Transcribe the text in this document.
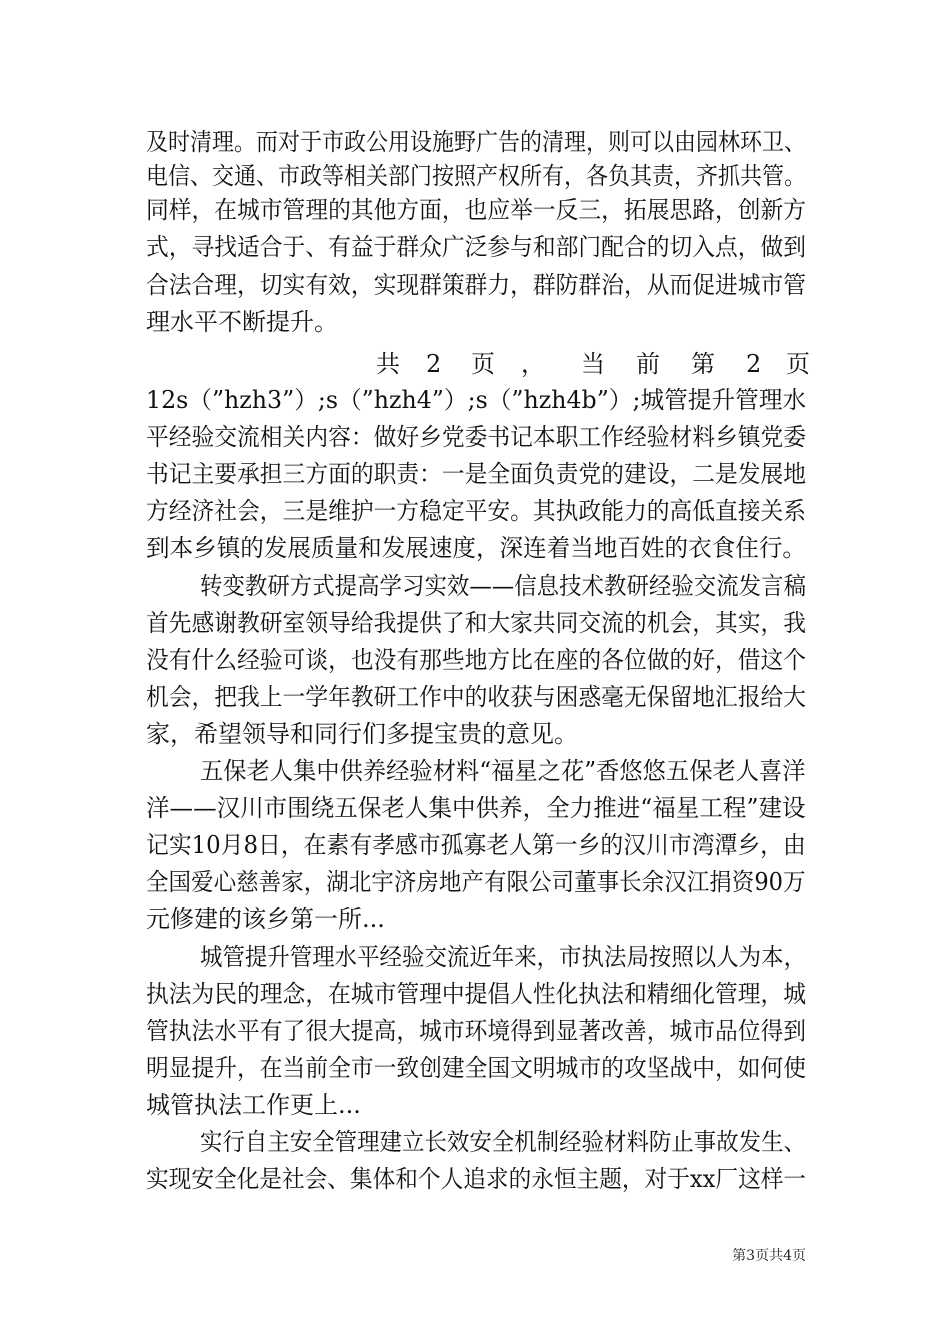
及时清理。而对于市政公用设施野广告的清理，则可以由园林环卫、
电信、交通、市政等相关部门按照产权所有，各负其责，齐抓共管。
同样，在城市管理的其他方面，也应举一反三，拓展思路，创新方
式，寻找适合于、有益于群众广泛参与和部门配合的切入点，做到
合法合理，切实有效，实现群策群力，群防群治，从而促进城市管
理水平不断提升。
共 2 页 ， 当 前 第 2 页
12s（”hzh3”）;s（”hzh4”）;s（”hzh4b”）;城管提升管理水
平经验交流相关内容：做好乡党委书记本职工作经验材料乡镇党委
书记主要承担三方面的职责：一是全面负责党的建设，二是发展地
方经济社会，三是维护一方稳定平安。其执政能力的高低直接关系
到本乡镇的发展质量和发展速度，深连着当地百姓的衣食住行。
转变教研方式提高学习实效——信息技术教研经验交流发言稿
首先感谢教研室领导给我提供了和大家共同交流的机会，其实，我
没有什么经验可谈，也没有那些地方比在座的各位做的好，借这个
机会，把我上一学年教研工作中的收获与困惑毫无保留地汇报给大
家，希望领导和同行们多提宝贵的意见。
五保老人集中供养经验材料“福星之花”香悠悠五保老人喜洋
洋——汉川市围绕五保老人集中供养，全力推进“福星工程”建设
记实10月8日，在素有孝感市孤寡老人第一乡的汉川市湾潭乡，由
全国爱心慈善家，湖北宇济房地产有限公司董事长余汉江捐资90万
元修建的该乡第一所...
城管提升管理水平经验交流近年来，市执法局按照以人为本，
执法为民的理念，在城市管理中提倡人性化执法和精细化管理，城
管执法水平有了很大提高，城市环境得到显著改善，城市品位得到
明显提升，在当前全市一致创建全国文明城市的攻坚战中，如何使
城管执法工作更上...
实行自主安全管理建立长效安全机制经验材料防止事故发生、
实现安全化是社会、集体和个人追求的永恒主题，对于xx厂这样一
第3页共4页
